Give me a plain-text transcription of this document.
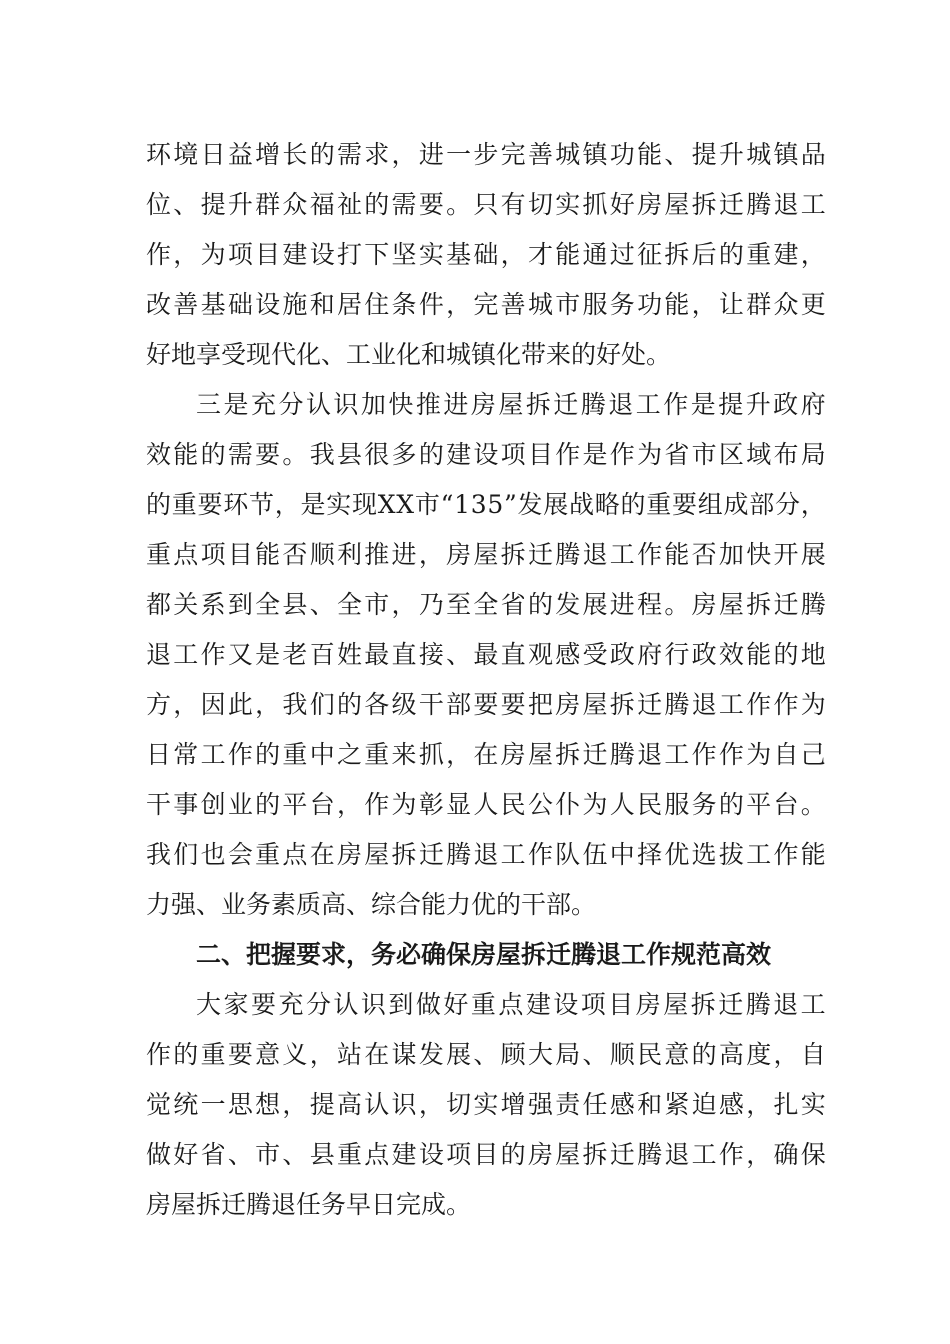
环 境 日 益 增 长 的 需 求 ， 进 一 步 完 善 城 镇 功 能 、 提 升 城 镇 品
位 、 提 升 群 众 福 祉 的 需 要 。 只 有 切 实 抓 好 房 屋 拆 迁 腾 退 工
作 ， 为 项 目 建 设 打 下 坚 实 基 础 ， 才 能 通 过 征 拆 后 的 重 建 ，
改 善 基 础 设 施 和 居 住 条 件 ， 完 善 城 市 服 务 功 能 ， 让 群 众 更
好地享受现代化、工业化和城镇化带来的好处。
三 是 充 分 认 识 加 快 推 进 房 屋 拆 迁 腾 退 工 作 是 提 升 政 府
效 能 的 需 要 。 我 县 很 多 的 建 设 项 目 作 是 作 为 省 市 区 域 布 局
的 重 要 环 节 ， 是 实 现 X X 市 “ 1 3 5 ” 发 展 战 略 的 重 要 组 成 部 分 ，
重 点 项 目 能 否 顺 利 推 进 ， 房 屋 拆 迁 腾 退 工 作 能 否 加 快 开 展
都 关 系 到 全 县 、 全 市 ， 乃 至 全 省 的 发 展 进 程 。 房 屋 拆 迁 腾
退 工 作 又 是 老 百 姓 最 直 接 、 最 直 观 感 受 政 府 行 政 效 能 的 地
方 ， 因 此 ， 我 们 的 各 级 干 部 要 要 把 房 屋 拆 迁 腾 退 工 作 作 为
日 常 工 作 的 重 中 之 重 来 抓 ， 在 房 屋 拆 迁 腾 退 工 作 作 为 自 己
干 事 创 业 的 平 台 ， 作 为 彰 显 人 民 公 仆 为 人 民 服 务 的 平 台 。
我 们 也 会 重 点 在 房 屋 拆 迁 腾 退 工 作 队 伍 中 择 优 选 拔 工 作 能
力强、业务素质高、综合能力优的干部。
二、把握要求，务必确保房屋拆迁腾退工作规范高效
大 家 要 充 分 认 识 到 做 好 重 点 建 设 项 目 房 屋 拆 迁 腾 退 工
作 的 重 要 意 义 ， 站 在 谋 发 展 、 顾 大 局 、 顺 民 意 的 高 度 ， 自
觉 统 一 思 想 ， 提 高 认 识 ， 切 实 增 强 责 任 感 和 紧 迫 感 ， 扎 实
做 好 省 、 市 、 县 重 点 建 设 项 目 的 房 屋 拆 迁 腾 退 工 作 ， 确 保
房屋拆迁腾退任务早日完成。
